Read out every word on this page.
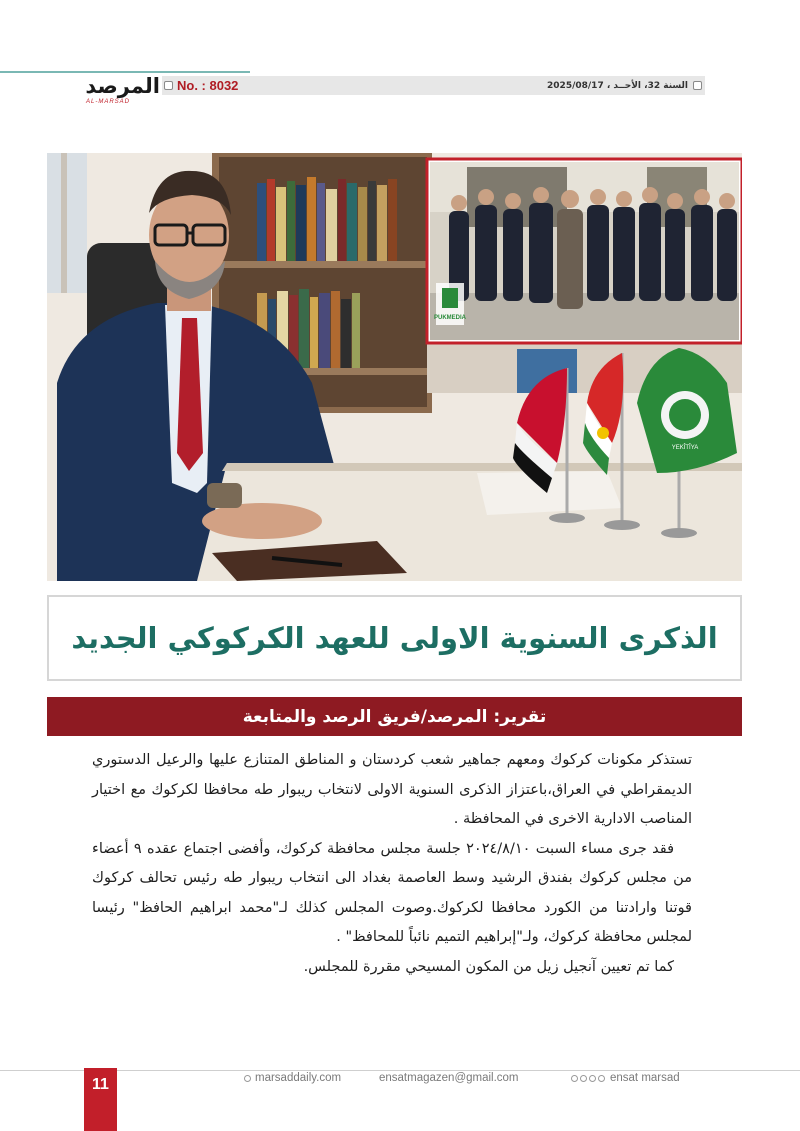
المرصد
AL-MARSAD
No. : 8032	السنة 32، الأحــد ، 2025/08/17
YEKÎTÎYA
PUKMEDIA
الذكرى السنوية الاولى للعهد الكركوكي الجديد
تقرير: المرصد/فريق الرصد والمتابعة

تستذكر مكونات كركوك ومعهم جماهير شعب كردستان و المناطق المتنازع عليها والرعيل الدستوري الديمقراطي في العراق،باعتزاز الذكرى السنوية الاولى لانتخاب ريبوار طه محافظا لكركوك مع اختيار المناصب الادارية الاخرى في المحافظة .

فقد جرى مساء السبت ٢٠٢٤/٨/١٠ جلسة مجلس محافظة كركوك، وأفضى اجتماع عقده ٩ أعضاء من مجلس كركوك بفندق الرشيد وسط العاصمة بغداد الى انتخاب ريبوار طه رئيس تحالف كركوك قوتنا وارادتنا من الكورد محافظا لكركوك.وصوت المجلس كذلك لـ"محمد ابراهيم الحافظ" رئيسا لمجلس محافظة كركوك، ولـ"إبراهيم التميم نائباً للمحافظ" .

كما تم تعيين آنجيل زيل من المكون المسيحي مقررة للمجلس.

11	marsaddaily.com	ensatmagazen@gmail.com	ensat marsad
